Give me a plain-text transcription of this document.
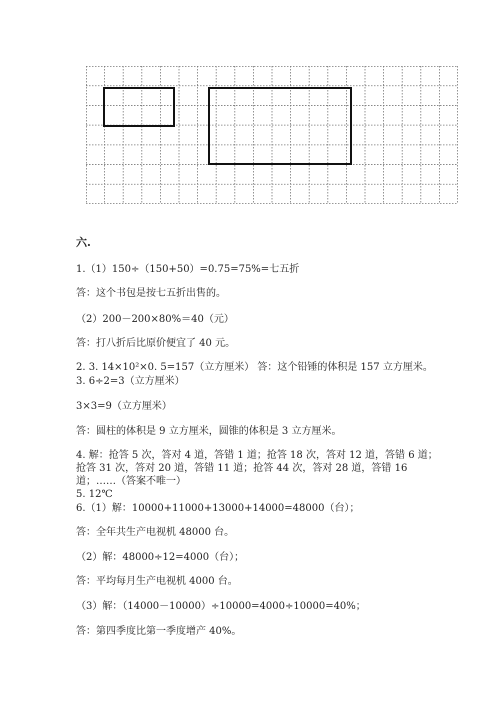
六.
1.（1）150÷（150+50）=0.75=75%=七五折
答：这个书包是按七五折出售的。
（2）200－200×80%＝40（元）
答：打八折后比原价便宜了 40 元。
2. 3. 14×10²×0. 5=157（立方厘米） 答：这个铅锤的体积是 157 立方厘米。
3. 6÷2=3（立方厘米）
3×3=9（立方厘米）
答：圆柱的体积是 9 立方厘米，圆锥的体积是 3 立方厘米。
4. 解：抢答 5 次，答对 4 道，答错 1 道；抢答 18 次，答对 12 道，答错 6 道；
抢答 31 次，答对 20 道，答错 11 道；抢答 44 次，答对 28 道，答错 16
道；……（答案不唯一）
5. 12℃
6.（1）解：10000+11000+13000+14000=48000（台）；
答：全年共生产电视机 48000 台。
（2）解：48000÷12=4000（台）；
答：平均每月生产电视机 4000 台。
（3）解：（14000－10000）÷10000=4000÷10000=40%；
答：第四季度比第一季度增产 40%。
